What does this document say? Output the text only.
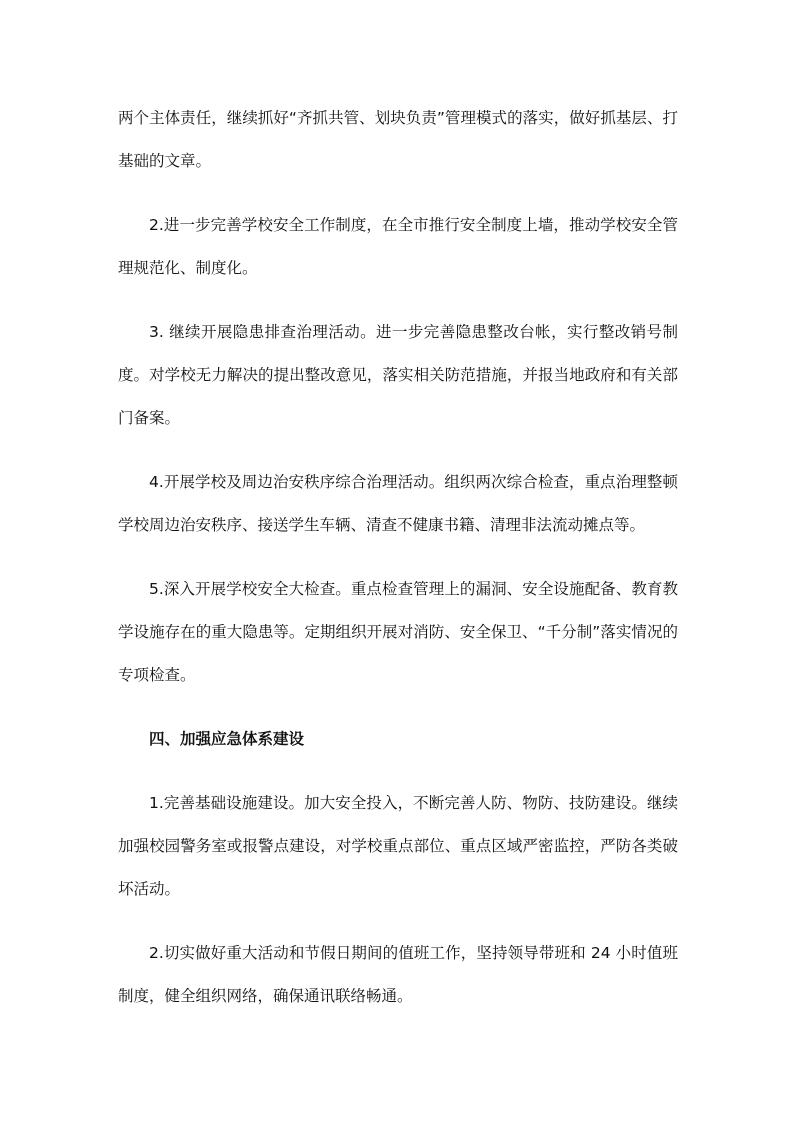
两个主体责任，继续抓好“齐抓共管、划块负责”管理模式的落实，做好抓基层、打基础的文章。

2.进一步完善学校安全工作制度，在全市推行安全制度上墙，推动学校安全管理规范化、制度化。

3. 继续开展隐患排查治理活动。进一步完善隐患整改台帐，实行整改销号制度。对学校无力解决的提出整改意见，落实相关防范措施，并报当地政府和有关部门备案。

4.开展学校及周边治安秩序综合治理活动。组织两次综合检查，重点治理整顿学校周边治安秩序、接送学生车辆、清查不健康书籍、清理非法流动摊点等。

5.深入开展学校安全大检查。重点检查管理上的漏洞、安全设施配备、教育教学设施存在的重大隐患等。定期组织开展对消防、安全保卫、“千分制”落实情况的专项检查。

四、加强应急体系建设

1.完善基础设施建设。加大安全投入，不断完善人防、物防、技防建设。继续加强校园警务室或报警点建设，对学校重点部位、重点区域严密监控，严防各类破坏活动。

2.切实做好重大活动和节假日期间的值班工作，坚持领导带班和 24 小时值班制度，健全组织网络，确保通讯联络畅通。
